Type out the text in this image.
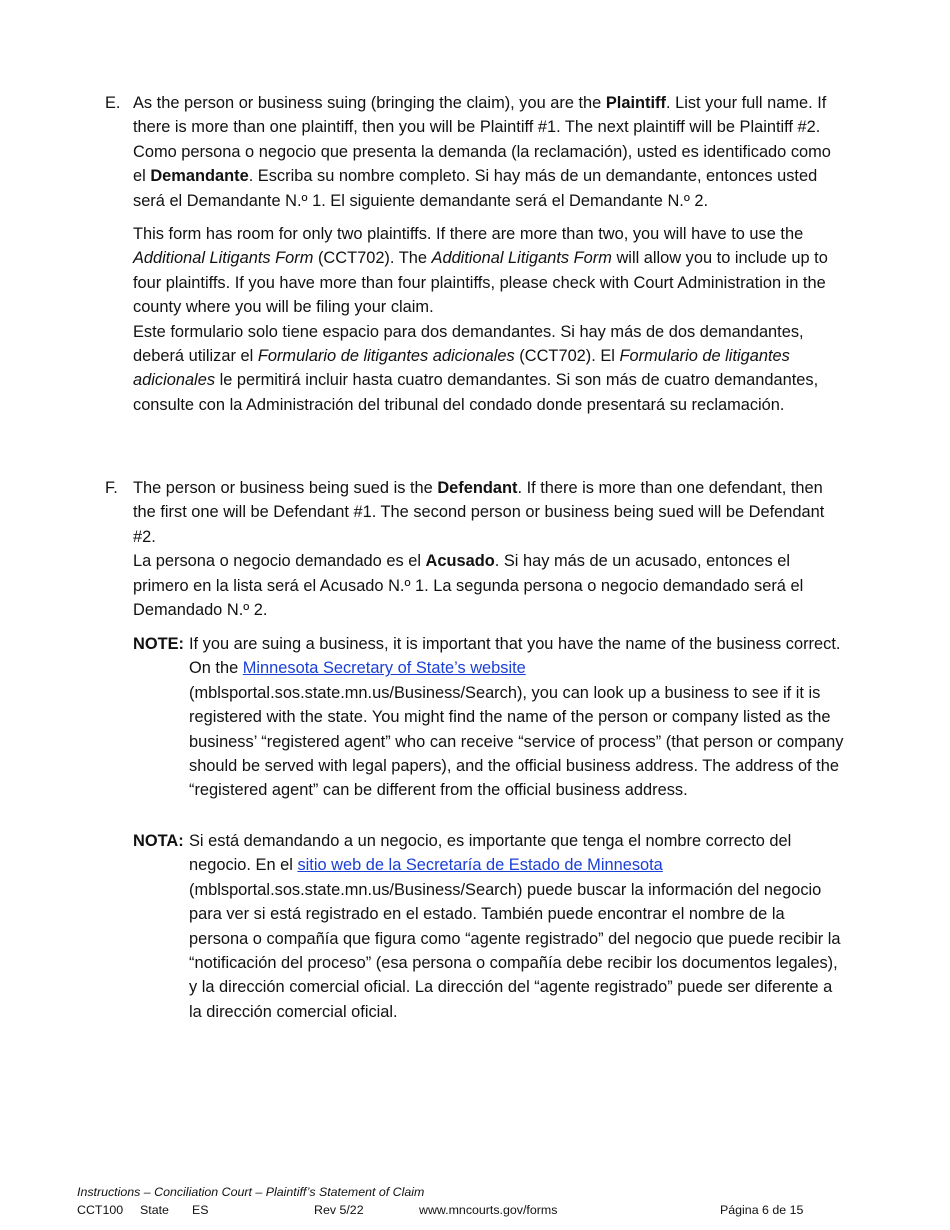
E. As the person or business suing (bringing the claim), you are the Plaintiff. List your full name. If there is more than one plaintiff, then you will be Plaintiff #1. The next plaintiff will be Plaintiff #2.

Como persona o negocio que presenta la demanda (la reclamación), usted es identificado como el Demandante. Escriba su nombre completo. Si hay más de un demandante, entonces usted será el Demandante N.º 1. El siguiente demandante será el Demandante N.º 2.

This form has room for only two plaintiffs. If there are more than two, you will have to use the Additional Litigants Form (CCT702). The Additional Litigants Form will allow you to include up to four plaintiffs. If you have more than four plaintiffs, please check with Court Administration in the county where you will be filing your claim.

Este formulario solo tiene espacio para dos demandantes. Si hay más de dos demandantes, deberá utilizar el Formulario de litigantes adicionales (CCT702). El Formulario de litigantes adicionales le permitirá incluir hasta cuatro demandantes. Si son más de cuatro demandantes, consulte con la Administración del tribunal del condado donde presentará su reclamación.

F. The person or business being sued is the Defendant. If there is more than one defendant, then the first one will be Defendant #1. The second person or business being sued will be Defendant #2.

La persona o negocio demandado es el Acusado. Si hay más de un acusado, entonces el primero en la lista será el Acusado N.º 1. La segunda persona o negocio demandado será el Demandado N.º 2.

NOTE: If you are suing a business, it is important that you have the name of the business correct. On the Minnesota Secretary of State’s website (mblsportal.sos.state.mn.us/Business/Search), you can look up a business to see if it is registered with the state. You might find the name of the person or company listed as the business’ “registered agent” who can receive “service of process” (that person or company should be served with legal papers), and the official business address. The address of the “registered agent” can be different from the official business address.

NOTA: Si está demandando a un negocio, es importante que tenga el nombre correcto del negocio. En el sitio web de la Secretaría de Estado de Minnesota (mblsportal.sos.state.mn.us/Business/Search) puede buscar la información del negocio para ver si está registrado en el estado. También puede encontrar el nombre de la persona o compañía que figura como “agente registrado” del negocio que puede recibir la “notificación del proceso” (esa persona o compañía debe recibir los documentos legales), y la dirección comercial oficial. La dirección del “agente registrado” puede ser diferente a la dirección comercial oficial.

Instructions – Conciliation Court – Plaintiff’s Statement of Claim
CCT100 State ES	Rev 5/22	www.mncourts.gov/forms	Página 6 de 15
